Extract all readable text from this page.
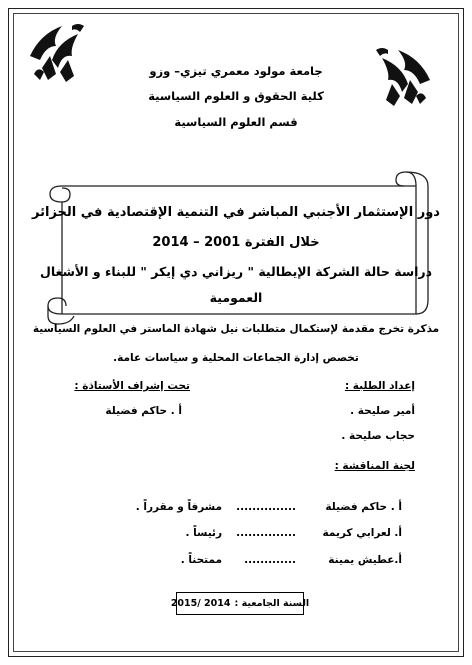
جامعة مولود معمري تيزي– وزو
كلية الحقوق و العلوم السياسية
قسم العلوم السياسية
دور الإستثمار الأجنبي المباشر في التنمية الإقتصادية في الجزائر
خلال الفترة 2001 – 2014
دراسة حالة الشركة الإيطالية " ريزاني دي إيكر " للبناء و الأشغال
العمومية
مذكرة تخرج مقدمة لإستكمال متطلبات نيل شهادة الماستر في العلوم السياسية
تخصص إدارة الجماعات المحلية و سياسات عامة.
إعداد الطلبة :
أمير صليحة .
حجاب صليحة .
تحت إشراف الأستاذة :
أ . حاكم فضيلة
لجنة المناقشة :
أ . حاكم فضيلة
...............
مشرفاً و مقرراً .
أ. لعرابي كريمة
...............
رئيساً .
أ.عطيش يمينة
.............
ممتحناً .
السنة الجامعية :
2014 /2015
